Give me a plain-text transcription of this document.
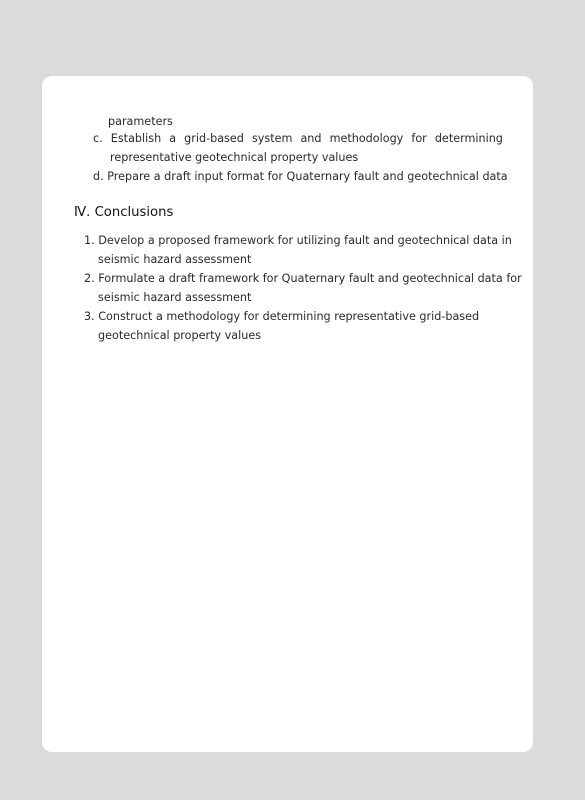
parameters
c. Establish a grid-based system and methodology for determining
representative geotechnical property values
d. Prepare a draft input format for Quaternary fault and geotechnical data
Ⅳ. Conclusions
1. Develop a proposed framework for utilizing fault and geotechnical data in
seismic hazard assessment
2. Formulate a draft framework for Quaternary fault and geotechnical data for
seismic hazard assessment
3. Construct a methodology for determining representative grid-based
geotechnical property values
